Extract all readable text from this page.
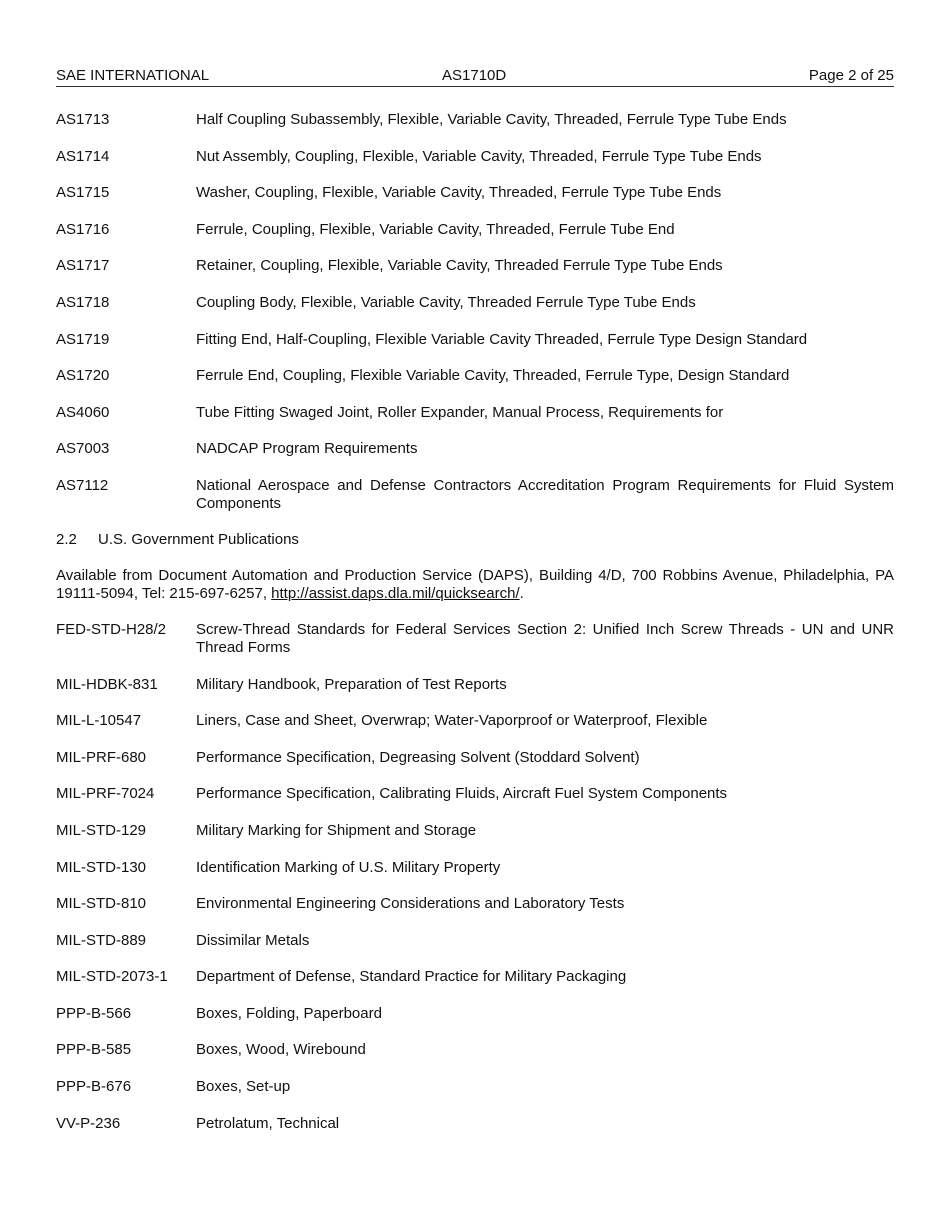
SAE INTERNATIONAL	AS1710D	Page 2 of 25
AS1713	Half Coupling Subassembly, Flexible, Variable Cavity, Threaded, Ferrule Type Tube Ends
AS1714	Nut Assembly, Coupling, Flexible, Variable Cavity, Threaded, Ferrule Type Tube Ends
AS1715	Washer, Coupling, Flexible, Variable Cavity, Threaded, Ferrule Type Tube Ends
AS1716	Ferrule, Coupling, Flexible, Variable Cavity, Threaded, Ferrule Tube End
AS1717	Retainer, Coupling, Flexible, Variable Cavity, Threaded Ferrule Type Tube Ends
AS1718	Coupling Body, Flexible, Variable Cavity, Threaded Ferrule Type Tube Ends
AS1719	Fitting End, Half-Coupling, Flexible Variable Cavity Threaded, Ferrule Type Design Standard
AS1720	Ferrule End, Coupling, Flexible Variable Cavity, Threaded, Ferrule Type, Design Standard
AS4060	Tube Fitting Swaged Joint, Roller Expander, Manual Process, Requirements for
AS7003	NADCAP Program Requirements
AS7112	National Aerospace and Defense Contractors Accreditation Program Requirements for Fluid System Components
2.2	U.S. Government Publications
Available from Document Automation and Production Service (DAPS), Building 4/D, 700 Robbins Avenue, Philadelphia, PA 19111-5094, Tel: 215-697-6257, http://assist.daps.dla.mil/quicksearch/.
FED-STD-H28/2	Screw-Thread Standards for Federal Services Section 2: Unified Inch Screw Threads - UN and UNR Thread Forms
MIL-HDBK-831	Military Handbook, Preparation of Test Reports
MIL-L-10547	Liners, Case and Sheet, Overwrap; Water-Vaporproof or Waterproof, Flexible
MIL-PRF-680	Performance Specification, Degreasing Solvent (Stoddard Solvent)
MIL-PRF-7024	Performance Specification, Calibrating Fluids, Aircraft Fuel System Components
MIL-STD-129	Military Marking for Shipment and Storage
MIL-STD-130	Identification Marking of U.S. Military Property
MIL-STD-810	Environmental Engineering Considerations and Laboratory Tests
MIL-STD-889	Dissimilar Metals
MIL-STD-2073-1	Department of Defense, Standard Practice for Military Packaging
PPP-B-566	Boxes, Folding, Paperboard
PPP-B-585	Boxes, Wood, Wirebound
PPP-B-676	Boxes, Set-up
VV-P-236	Petrolatum, Technical
